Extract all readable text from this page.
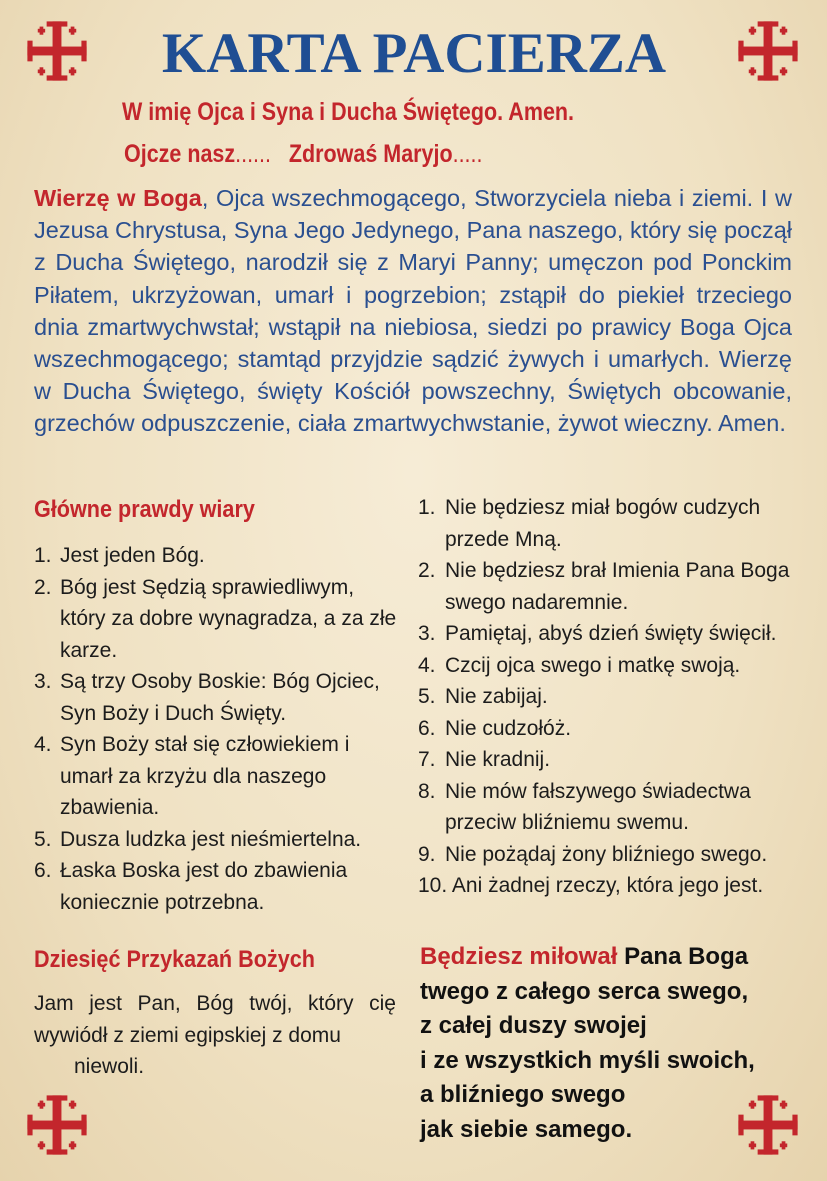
KARTA PACIERZA
W imię Ojca i Syna i Ducha Świętego. Amen.
Ojcze nasz...... Zdrowaś Maryjo.....
Wierzę w Boga, Ojca wszechmogącego, Stworzyciela nieba i ziemi. I w Jezusa Chrystusa, Syna Jego Jedynego, Pana naszego, który się począł z Ducha Świętego, narodził się z Maryi Panny; umęczon pod Ponckim Piłatem, ukrzyżowan, umarł i pogrzebion; zstąpił do piekieł trzeciego dnia zmartwychwstał; wstąpił na niebiosa, siedzi po prawicy Boga Ojca wszechmogącego; stamtąd przyjdzie sądzić żywych i umarłych. Wierzę w Ducha Świętego, święty Kościół powszechny, Świętych obcowanie, grzechów odpuszczenie, ciała zmartwychwstanie, żywot wieczny. Amen.
Główne prawdy wiary
1. Jest jeden Bóg.
2. Bóg jest Sędzią sprawiedliwym, który za dobre wynagradza, a za złe karze.
3. Są trzy Osoby Boskie: Bóg Ojciec, Syn Boży i Duch Święty.
4. Syn Boży stał się człowiekiem i umarł za krzyżu dla naszego zbawienia.
5. Dusza ludzka jest nieśmiertelna.
6. Łaska Boska jest do zbawienia koniecznie potrzebna.
1. Nie będziesz miał bogów cudzych przede Mną.
2. Nie będziesz brał Imienia Pana Boga swego nadaremnie.
3. Pamiętaj, abyś dzień święty święcił.
4. Czcij ojca swego i matkę swoją.
5. Nie zabijaj.
6. Nie cudzołóż.
7. Nie kradnij.
8. Nie mów fałszywego świadectwa przeciw bliźniemu swemu.
9. Nie pożądaj żony bliźniego swego.
10. Ani żadnej rzeczy, która jego jest.
Dziesięć Przykazań Bożych
Jam jest Pan, Bóg twój, który cię wywiódł z ziemi egipskiej z domu
niewoli.
Będziesz miłował Pana Boga
twego z całego serca swego,
z całej duszy swojej
i ze wszystkich myśli swoich,
a bliźniego swego
jak siebie samego.
